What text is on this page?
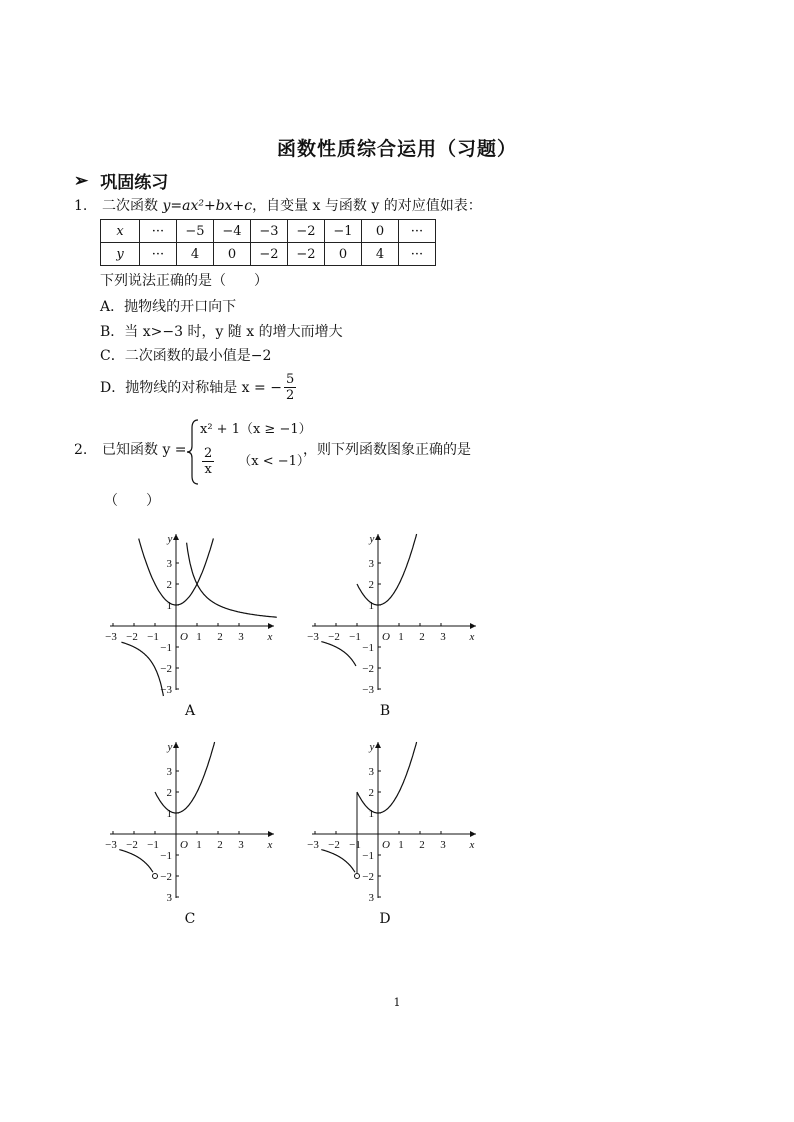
函数性质综合运用（习题）
➢ 巩固练习
1. 二次函数 y=ax²+bx+c，自变量 x 与函数 y 的对应值如表：
x	···	−5	−4	−3	−2	−1	0	···
y	···	4	0	−2	−2	0	4	···
下列说法正确的是（　　）
A．抛物线的开口向下
B．当 x>−3 时，y 随 x 的增大而增大
C．二次函数的最小值是−2
D．抛物线的对称轴是 x = − $\frac{5}{2}$
2. 已知函数 y =
x² + 1（x ≥ −1）
$\frac{2}{x} (x < -1)$
，则下列函数图象正确的是
（　　）
x
y
O
−3 −2 −1	1 2 3
3
2
1
−1
−2
−3
x
y
O
−3 −2 −1	1 2 3
3
2
1
−1
−2
−3
x
y
O
−3 −2 −1	1 2 3
3
2
1
−1
−2
3
x
y
O
−3 −2 −1	1 2 3
3
2
1
−1
−2
3
A	B
C	D
1
